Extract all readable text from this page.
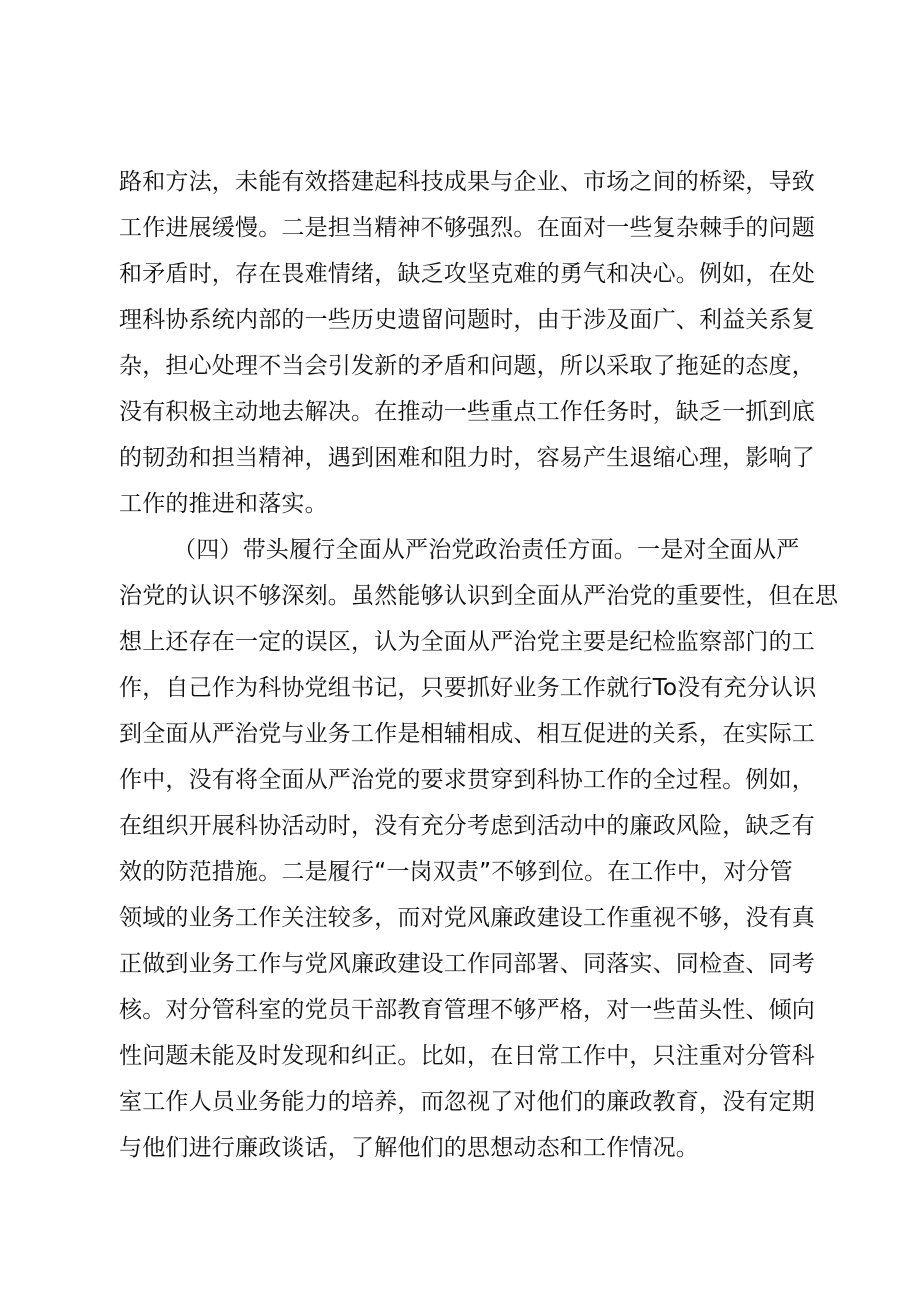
路和方法，未能有效搭建起科技成果与企业、市场之间的桥梁，导致
工作进展缓慢。二是担当精神不够强烈。在面对一些复杂棘手的问题
和矛盾时，存在畏难情绪，缺乏攻坚克难的勇气和决心。例如，在处
理科协系统内部的一些历史遗留问题时，由于涉及面广、利益关系复
杂，担心处理不当会引发新的矛盾和问题，所以采取了拖延的态度，
没有积极主动地去解决。在推动一些重点工作任务时，缺乏一抓到底
的韧劲和担当精神，遇到困难和阻力时，容易产生退缩心理，影响了
工作的推进和落实。
（四）带头履行全面从严治党政治责任方面。一是对全面从严
治党的认识不够深刻。虽然能够认识到全面从严治党的重要性，但在思
想上还存在一定的误区，认为全面从严治党主要是纪检监察部门的工
作，自己作为科协党组书记，只要抓好业务工作就行To没有充分认识
到全面从严治党与业务工作是相辅相成、相互促进的关系，在实际工
作中，没有将全面从严治党的要求贯穿到科协工作的全过程。例如，
在组织开展科协活动时，没有充分考虑到活动中的廉政风险，缺乏有
效的防范措施。二是履行“一岗双责”不够到位。在工作中，对分管
领域的业务工作关注较多，而对党风廉政建设工作重视不够，没有真
正做到业务工作与党风廉政建设工作同部署、同落实、同检查、同考
核。对分管科室的党员干部教育管理不够严格，对一些苗头性、倾向
性问题未能及时发现和纠正。比如，在日常工作中，只注重对分管科
室工作人员业务能力的培养，而忽视了对他们的廉政教育，没有定期
与他们进行廉政谈话，了解他们的思想动态和工作情况。
